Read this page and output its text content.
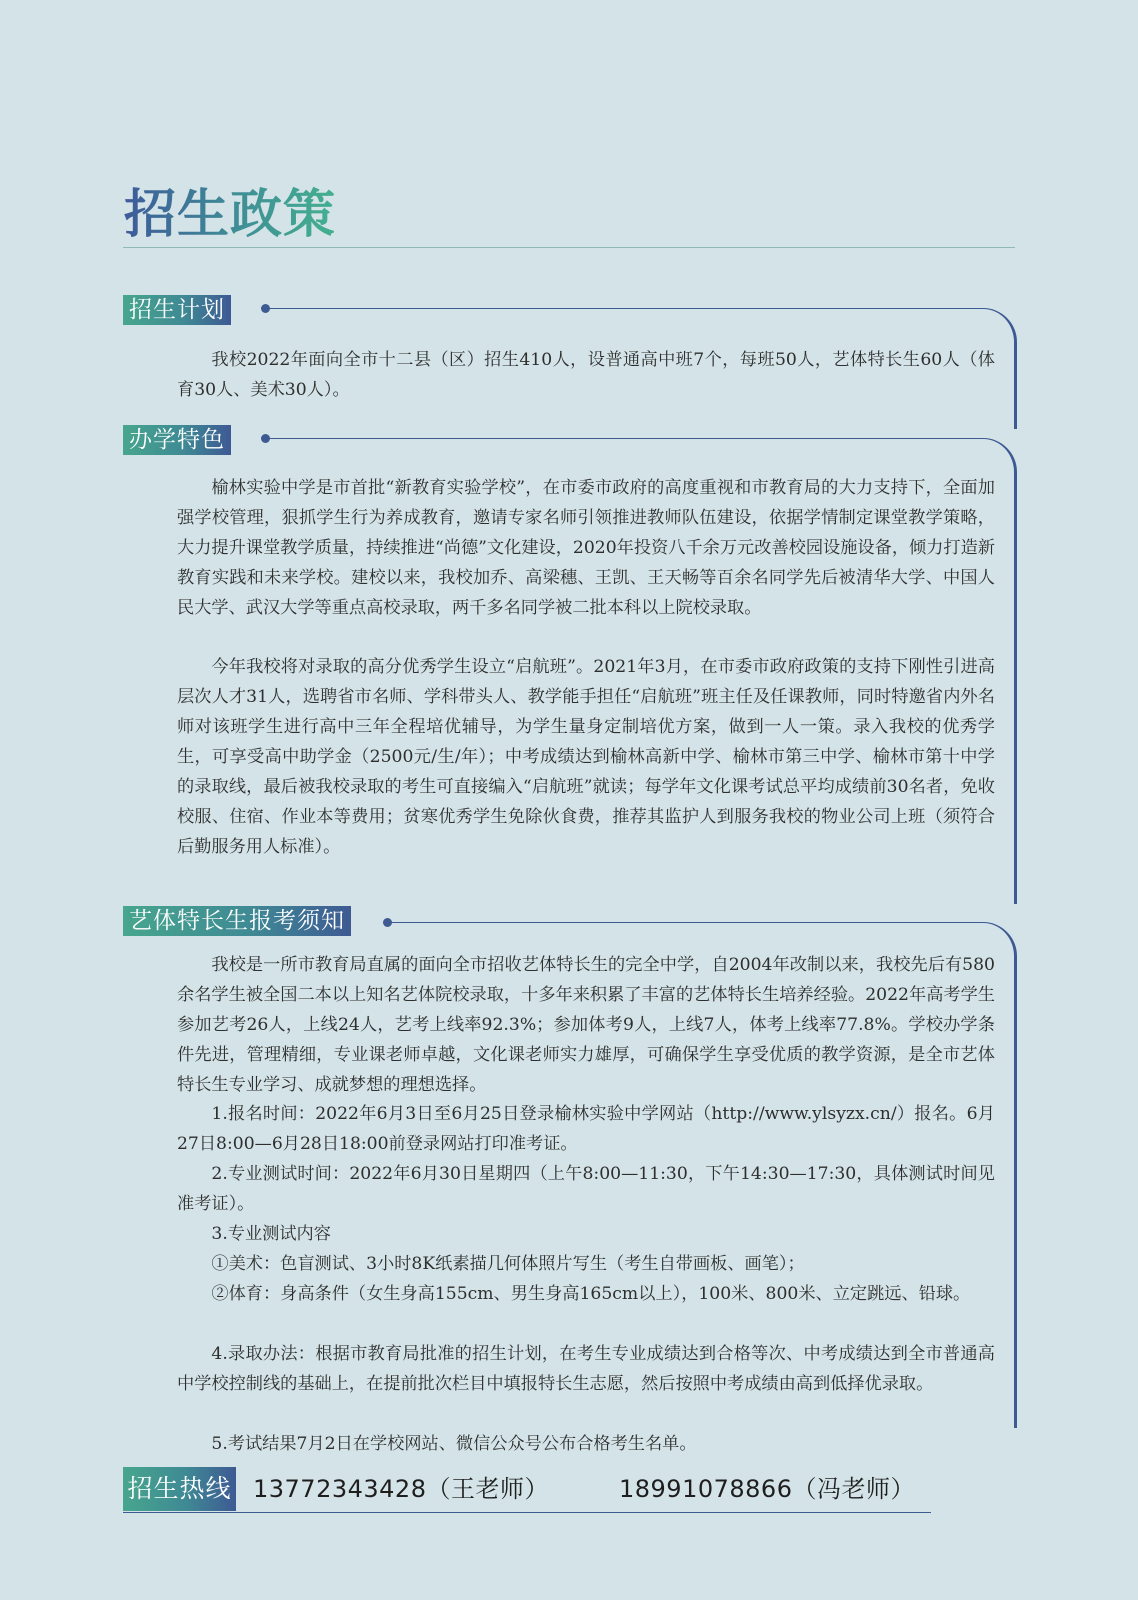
招生政策
招生计划

我校2022年面向全市十二县（区）招生410人，设普通高中班7个，每班50人，艺体特长生60人（体育30人、美术30人）。

办学特色

榆林实验中学是市首批“新教育实验学校”，在市委市政府的高度重视和市教育局的大力支持下，全面加强学校管理，狠抓学生行为养成教育，邀请专家名师引领推进教师队伍建设，依据学情制定课堂教学策略，大力提升课堂教学质量，持续推进“尚德”文化建设，2020年投资八千余万元改善校园设施设备，倾力打造新教育实践和未来学校。建校以来，我校加乔、高梁穗、王凯、王天畅等百余名同学先后被清华大学、中国人民大学、武汉大学等重点高校录取，两千多名同学被二批本科以上院校录取。

今年我校将对录取的高分优秀学生设立“启航班”。2021年3月，在市委市政府政策的支持下刚性引进高层次人才31人，选聘省市名师、学科带头人、教学能手担任“启航班”班主任及任课教师，同时特邀省内外名师对该班学生进行高中三年全程培优辅导，为学生量身定制培优方案，做到一人一策。录入我校的优秀学生，可享受高中助学金（2500元/生/年）；中考成绩达到榆林高新中学、榆林市第三中学、榆林市第十中学的录取线，最后被我校录取的考生可直接编入“启航班”就读；每学年文化课考试总平均成绩前30名者，免收校服、住宿、作业本等费用；贫寒优秀学生免除伙食费，推荐其监护人到服务我校的物业公司上班（须符合后勤服务用人标准）。

艺体特长生报考须知

我校是一所市教育局直属的面向全市招收艺体特长生的完全中学，自2004年改制以来，我校先后有580余名学生被全国二本以上知名艺体院校录取，十多年来积累了丰富的艺体特长生培养经验。2022年高考学生参加艺考26人，上线24人，艺考上线率92.3%；参加体考9人，上线7人，体考上线率77.8%。学校办学条件先进，管理精细，专业课老师卓越，文化课老师实力雄厚，可确保学生享受优质的教学资源，是全市艺体特长生专业学习、成就梦想的理想选择。

1.报名时间：2022年6月3日至6月25日登录榆林实验中学网站（http://www.ylsyzx.cn/）报名。6月27日8:00—6月28日18:00前登录网站打印准考证。

2.专业测试时间：2022年6月30日星期四（上午8:00—11:30，下午14:30—17:30，具体测试时间见准考证）。

3.专业测试内容

①美术：色盲测试、3小时8K纸素描几何体照片写生（考生自带画板、画笔）；

②体育：身高条件（女生身高155cm、男生身高165cm以上），100米、800米、立定跳远、铅球。

4.录取办法：根据市教育局批准的招生计划，在考生专业成绩达到合格等次、中考成绩达到全市普通高中学校控制线的基础上，在提前批次栏目中填报特长生志愿，然后按照中考成绩由高到低择优录取。

5.考试结果7月2日在学校网站、微信公众号公布合格考生名单。

招生热线 13772343428（王老师）	18991078866（冯老师）
